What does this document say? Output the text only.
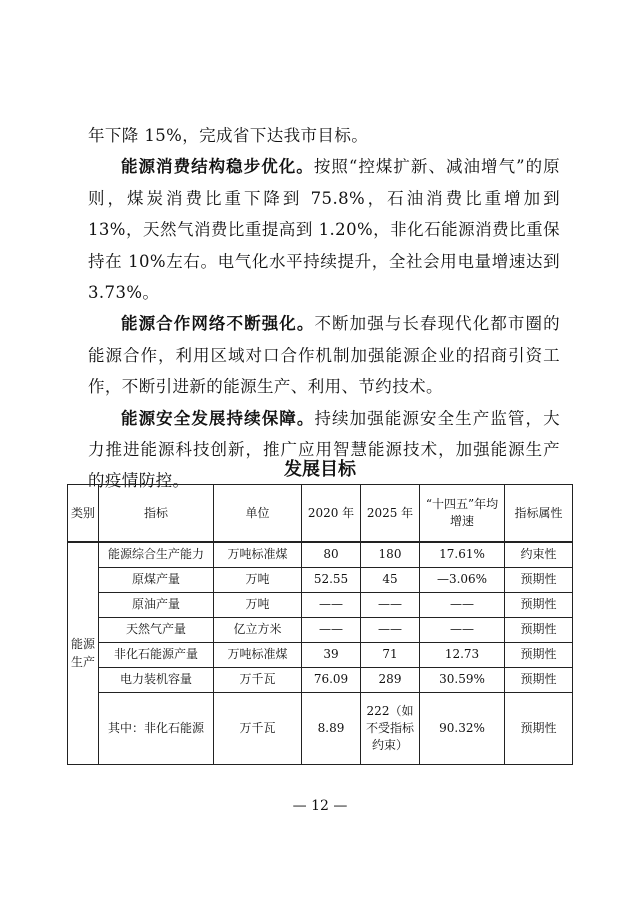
年下降 15%，完成省下达我市目标。

能源消费结构稳步优化。按照“控煤扩新、减油增气”的原则，煤炭消费比重下降到 75.8%，石油消费比重增加到 13%，天然气消费比重提高到 1.20%，非化石能源消费比重保持在 10%左右。电气化水平持续提升，全社会用电量增速达到 3.73%。

能源合作网络不断强化。不断加强与长春现代化都市圈的能源合作，利用区域对口合作机制加强能源企业的招商引资工作，不断引进新的能源生产、利用、节约技术。

能源安全发展持续保障。持续加强能源安全生产监管，大力推进能源科技创新，推广应用智慧能源技术，加强能源生产的疫情防控。

发展目标
类别	指标	单位	2020 年	2025 年	“十四五”年均增速	指标属性
能源生产	能源综合生产能力	万吨标准煤	80	180	17.61%	约束性
	原煤产量	万吨	52.55	45	—3.06%	预期性
	原油产量	万吨	——	——	——	预期性
	天然气产量	亿立方米	——	——	——	预期性
	非化石能源产量	万吨标准煤	39	71	12.73	预期性
	电力装机容量	万千瓦	76.09	289	30.59%	预期性
	其中：非化石能源	万千瓦	8.89	222（如不受指标约束）	90.32%	预期性
— 12 —
